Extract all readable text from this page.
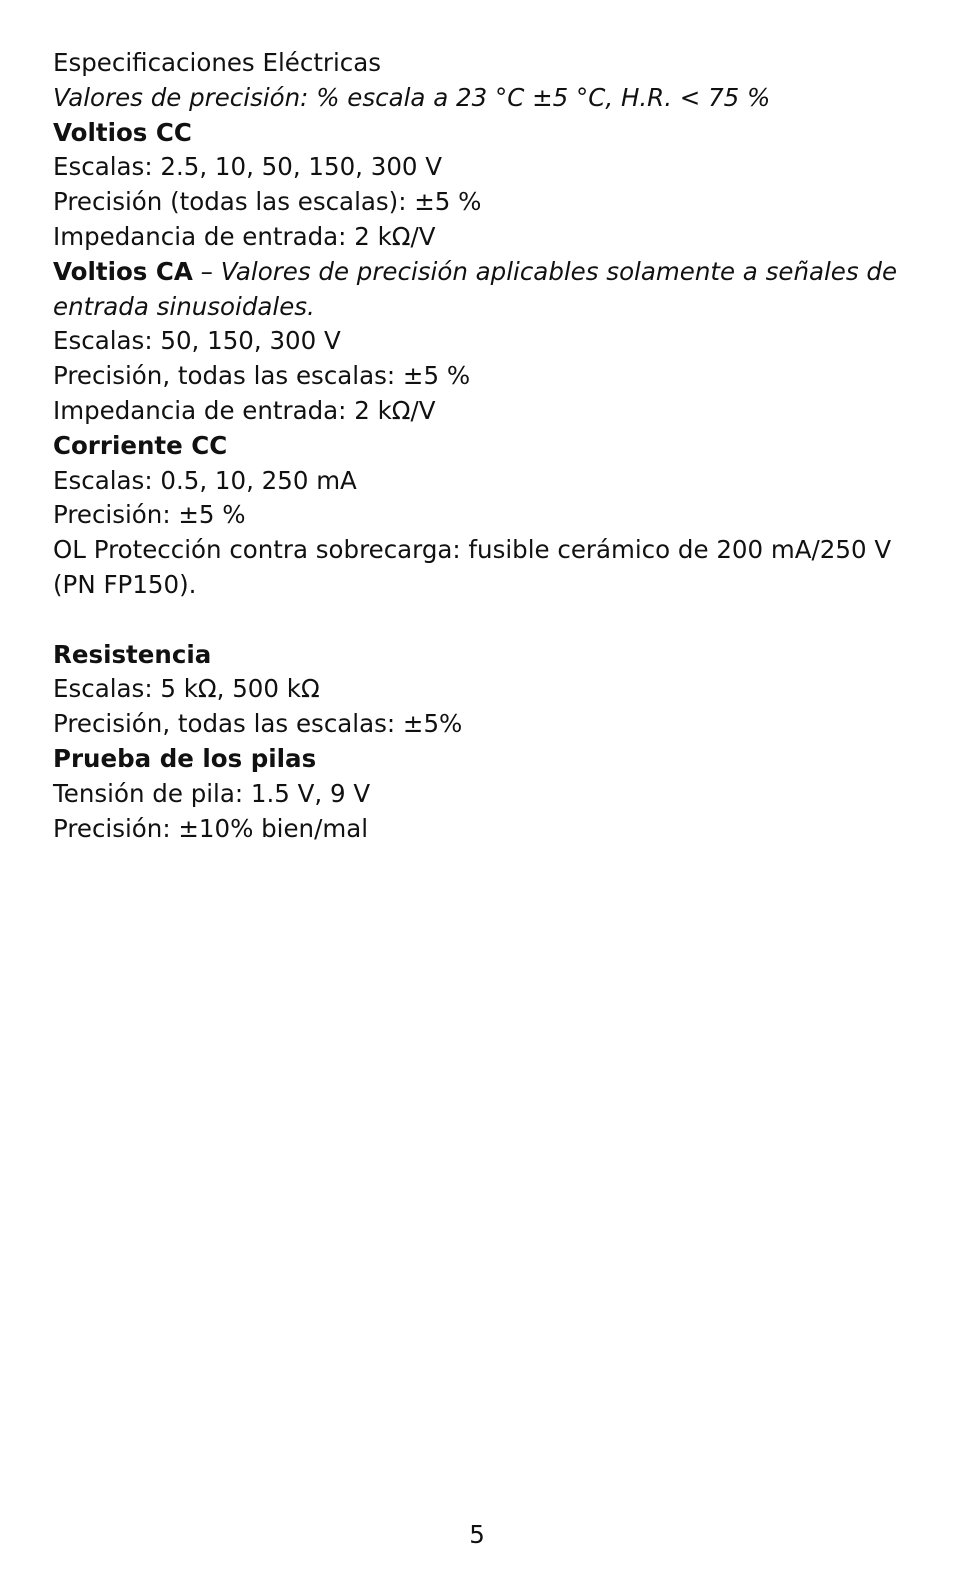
Especificaciones Eléctricas
Valores de precisión: % escala a 23 °C ±5 °C, H.R. < 75 %
Voltios CC
Escalas: 2.5, 10, 50, 150, 300 V
Precisión (todas las escalas): ±5 %
Impedancia de entrada: 2 kΩ/V
Voltios CA – Valores de precisión aplicables solamente a señales de entrada sinusoidales.
Escalas: 50, 150, 300 V
Precisión, todas las escalas: ±5 %
Impedancia de entrada: 2 kΩ/V
Corriente CC
Escalas: 0.5, 10, 250 mA
Precisión: ±5 %
OL Protección contra sobrecarga: fusible cerámico de 200 mA/250 V (PN FP150).
Resistencia
Escalas: 5 kΩ, 500 kΩ
Precisión, todas las escalas: ±5%
Prueba de los pilas
Tensión de pila: 1.5 V, 9 V
Precisión: ±10% bien/mal
5
